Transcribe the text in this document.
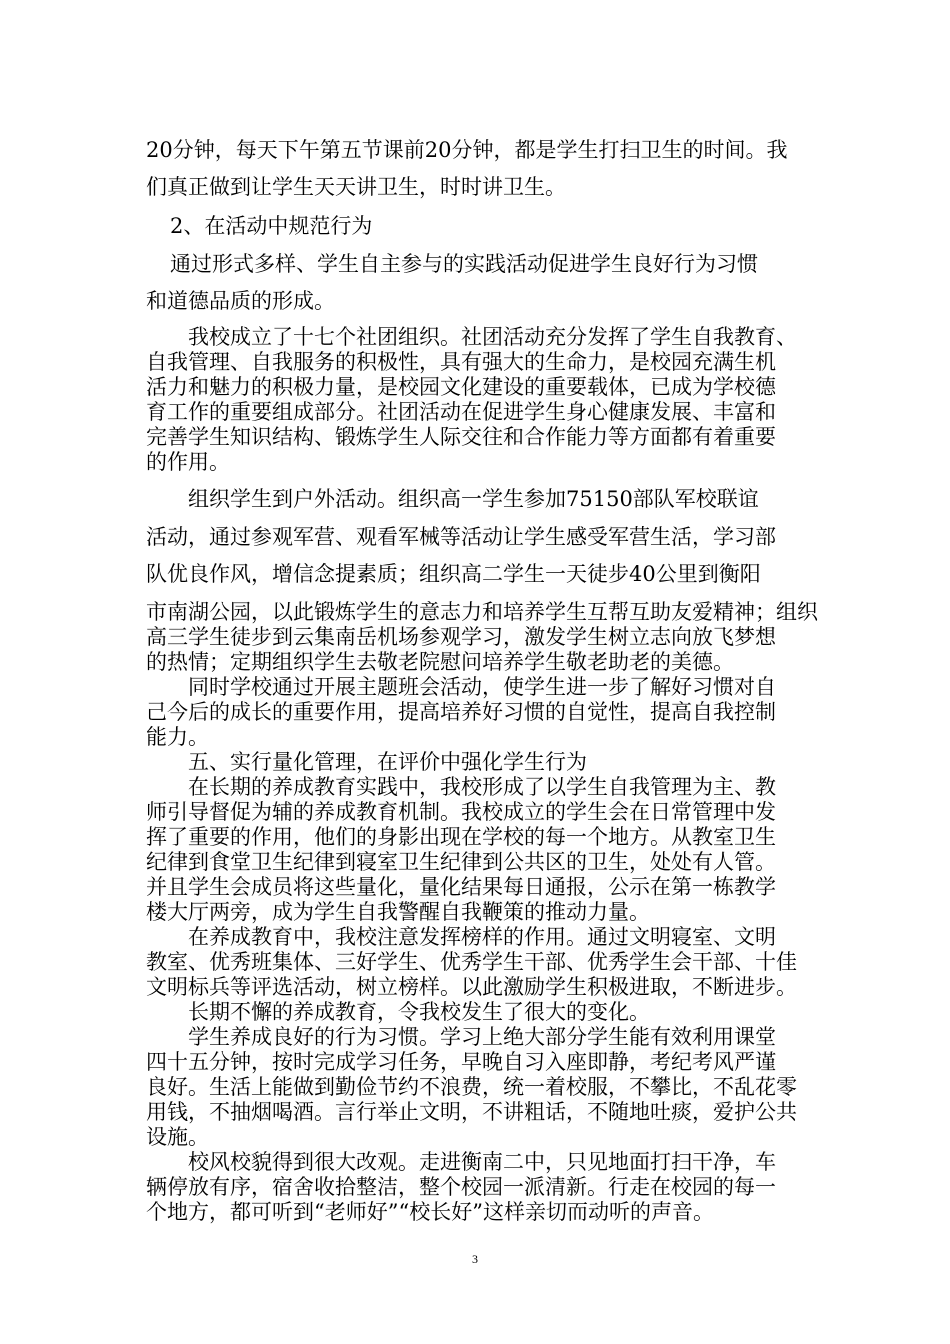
20分钟，每天下午第五节课前20分钟，都是学生打扫卫生的时间。我
们真正做到让学生天天讲卫生，时时讲卫生。
2、在活动中规范行为
通过形式多样、学生自主参与的实践活动促进学生良好行为习惯
和道德品质的形成。
我校成立了十七个社团组织。社团活动充分发挥了学生自我教育、
自我管理、自我服务的积极性，具有强大的生命力，是校园充满生机
活力和魅力的积极力量，是校园文化建设的重要载体，已成为学校德
育工作的重要组成部分。社团活动在促进学生身心健康发展、丰富和
完善学生知识结构、锻炼学生人际交往和合作能力等方面都有着重要
的作用。
组织学生到户外活动。组织高一学生参加75150部队军校联谊
活动，通过参观军营、观看军械等活动让学生感受军营生活，学习部
队优良作风，增信念提素质；组织高二学生一天徒步40公里到衡阳
市南湖公园，以此锻炼学生的意志力和培养学生互帮互助友爱精神；组织
高三学生徒步到云集南岳机场参观学习，激发学生树立志向放飞梦想
的热情；定期组织学生去敬老院慰问培养学生敬老助老的美德。
同时学校通过开展主题班会活动，使学生进一步了解好习惯对自
己今后的成长的重要作用，提高培养好习惯的自觉性，提高自我控制
能力。
五、实行量化管理，在评价中强化学生行为
在长期的养成教育实践中，我校形成了以学生自我管理为主、教
师引导督促为辅的养成教育机制。我校成立的学生会在日常管理中发
挥了重要的作用，他们的身影出现在学校的每一个地方。从教室卫生
纪律到食堂卫生纪律到寝室卫生纪律到公共区的卫生，处处有人管。
并且学生会成员将这些量化，量化结果每日通报，公示在第一栋教学
楼大厅两旁，成为学生自我警醒自我鞭策的推动力量。
在养成教育中，我校注意发挥榜样的作用。通过文明寝室、文明
教室、优秀班集体、三好学生、优秀学生干部、优秀学生会干部、十佳
文明标兵等评选活动，树立榜样。以此激励学生积极进取，不断进步。
长期不懈的养成教育，令我校发生了很大的变化。
学生养成良好的行为习惯。学习上绝大部分学生能有效利用课堂
四十五分钟，按时完成学习任务，早晚自习入座即静，考纪考风严谨
良好。生活上能做到勤俭节约不浪费，统一着校服，不攀比，不乱花零
用钱，不抽烟喝酒。言行举止文明，不讲粗话，不随地吐痰，爱护公共
设施。
校风校貌得到很大改观。走进衡南二中，只见地面打扫干净，车
辆停放有序，宿舍收拾整洁，整个校园一派清新。行走在校园的每一
个地方，都可听到“老师好”“校长好”这样亲切而动听的声音。
3
